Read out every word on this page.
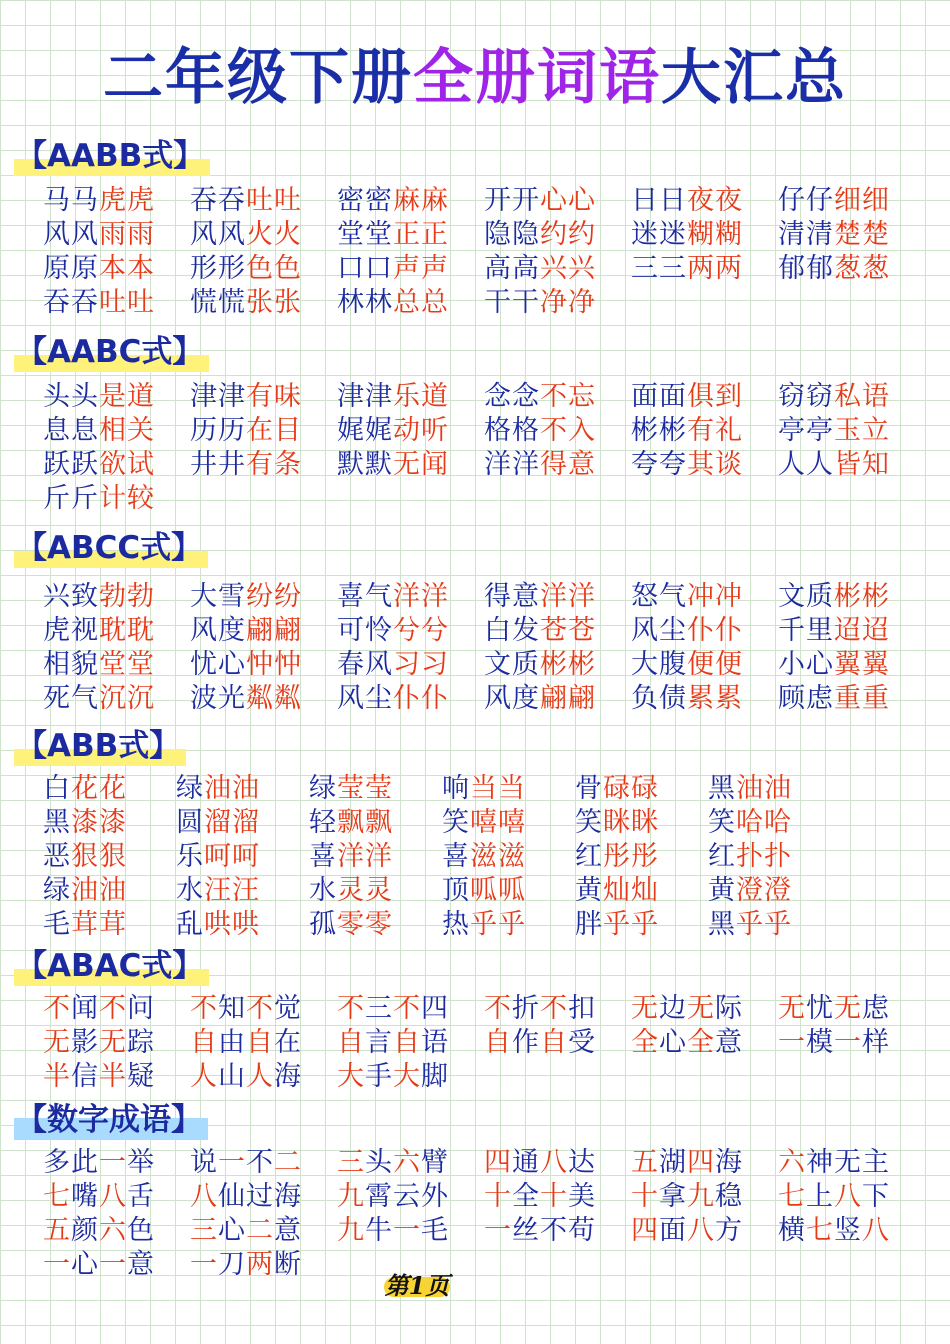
二年级下册全册词语大汇总
【AABB式】
马马虎虎	吞吞吐吐	密密麻麻	开开心心	日日夜夜	仔仔细细
风风雨雨	风风火火	堂堂正正	隐隐约约	迷迷糊糊	清清楚楚
原原本本	形形色色	口口声声	高高兴兴	三三两两	郁郁葱葱
吞吞吐吐	慌慌张张	林林总总	干干净净
【AABC式】
头头是道	津津有味	津津乐道	念念不忘	面面俱到	窃窃私语
息息相关	历历在目	娓娓动听	格格不入	彬彬有礼	亭亭玉立
跃跃欲试	井井有条	默默无闻	洋洋得意	夸夸其谈	人人皆知
斤斤计较
【ABCC式】
兴致勃勃	大雪纷纷	喜气洋洋	得意洋洋	怒气冲冲	文质彬彬
虎视耽耽	风度翩翩	可怜兮兮	白发苍苍	风尘仆仆	千里迢迢
相貌堂堂	忧心忡忡	春风习习	文质彬彬	大腹便便	小心翼翼
死气沉沉	波光粼粼	风尘仆仆	风度翩翩	负债累累	顾虑重重
【ABB式】
白花花	绿油油	绿莹莹	响当当	骨碌碌	黑油油
黑漆漆	圆溜溜	轻飘飘	笑嘻嘻	笑眯眯	笑哈哈
恶狠狠	乐呵呵	喜洋洋	喜滋滋	红彤彤	红扑扑
绿油油	水汪汪	水灵灵	顶呱呱	黄灿灿	黄澄澄
毛茸茸	乱哄哄	孤零零	热乎乎	胖乎乎	黑乎乎
【ABAC式】
不闻不问	不知不觉	不三不四	不折不扣	无边无际	无忧无虑
无影无踪	自由自在	自言自语	自作自受	全心全意	一模一样
半信半疑	人山人海	大手大脚
【数字成语】
多此一举	说一不二	三头六臂	四通八达	五湖四海	六神无主
七嘴八舌	八仙过海	九霄云外	十全十美	十拿九稳	七上八下
五颜六色	三心二意	九牛一毛	一丝不苟	四面八方	横七竖八
一心一意	一刀两断
第1页
